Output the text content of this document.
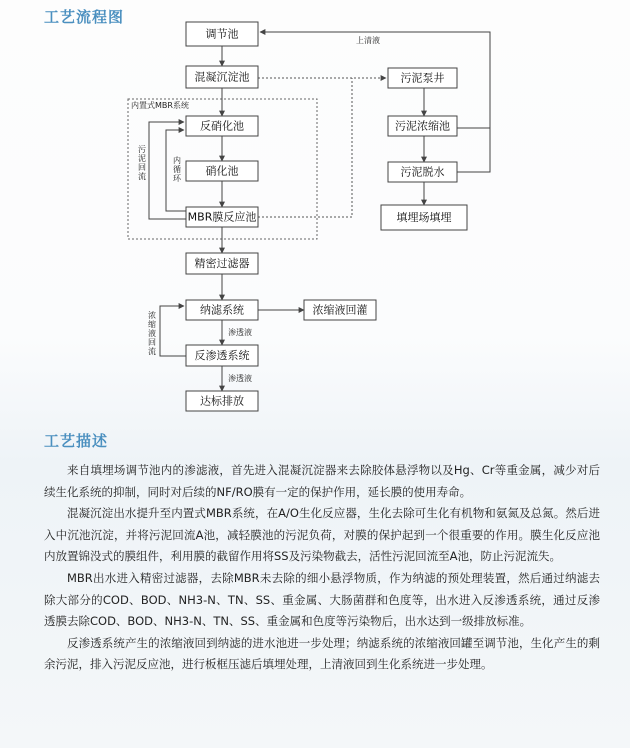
工艺流程图
内置式MBR系统
调节池
混凝沉淀池
反硝化池
硝化池
MBR膜反应池
精密过滤器
纳滤系统
反渗透系统
达标排放
浓缩液回灌
污泥泵井
污泥浓缩池
污泥脱水
填埋场填埋
上清液
渗透液
渗透液
污泥回流
内循环
浓缩液回流
工艺描述

来自填埋场调节池内的渗滤液，首先进入混凝沉淀器来去除胶体悬浮物以及Hg、Cr等重金属，减少对后续生化系统的抑制，同时对后续的NF/RO膜有一定的保护作用，延长膜的使用寿命。

混凝沉淀出水提升至内置式MBR系统，在A/O生化反应器，生化去除可生化有机物和氨氮及总氮。然后进入中沉池沉淀，并将污泥回流A池，减轻膜池的污泥负荷，对膜的保护起到一个很重要的作用。膜生化反应池内放置锦没式的膜组件，利用膜的截留作用将SS及污染物截去，活性污泥回流至A池，防止污泥流失。

MBR出水进入精密过滤器，去除MBR未去除的细小悬浮物质，作为纳滤的预处理装置，然后通过纳滤去除大部分的COD、BOD、NH3-N、TN、SS、重金属、大肠菌群和色度等，出水进入反渗透系统，通过反渗透膜去除COD、BOD、NH3-N、TN、SS、重金属和色度等污染物后，出水达到一级排放标准。

反渗透系统产生的浓缩液回到纳滤的进水池进一步处理；纳滤系统的浓缩液回罐至调节池，生化产生的剩余污泥，排入污泥反应池，进行板框压滤后填埋处理，上清液回到生化系统进一步处理。
